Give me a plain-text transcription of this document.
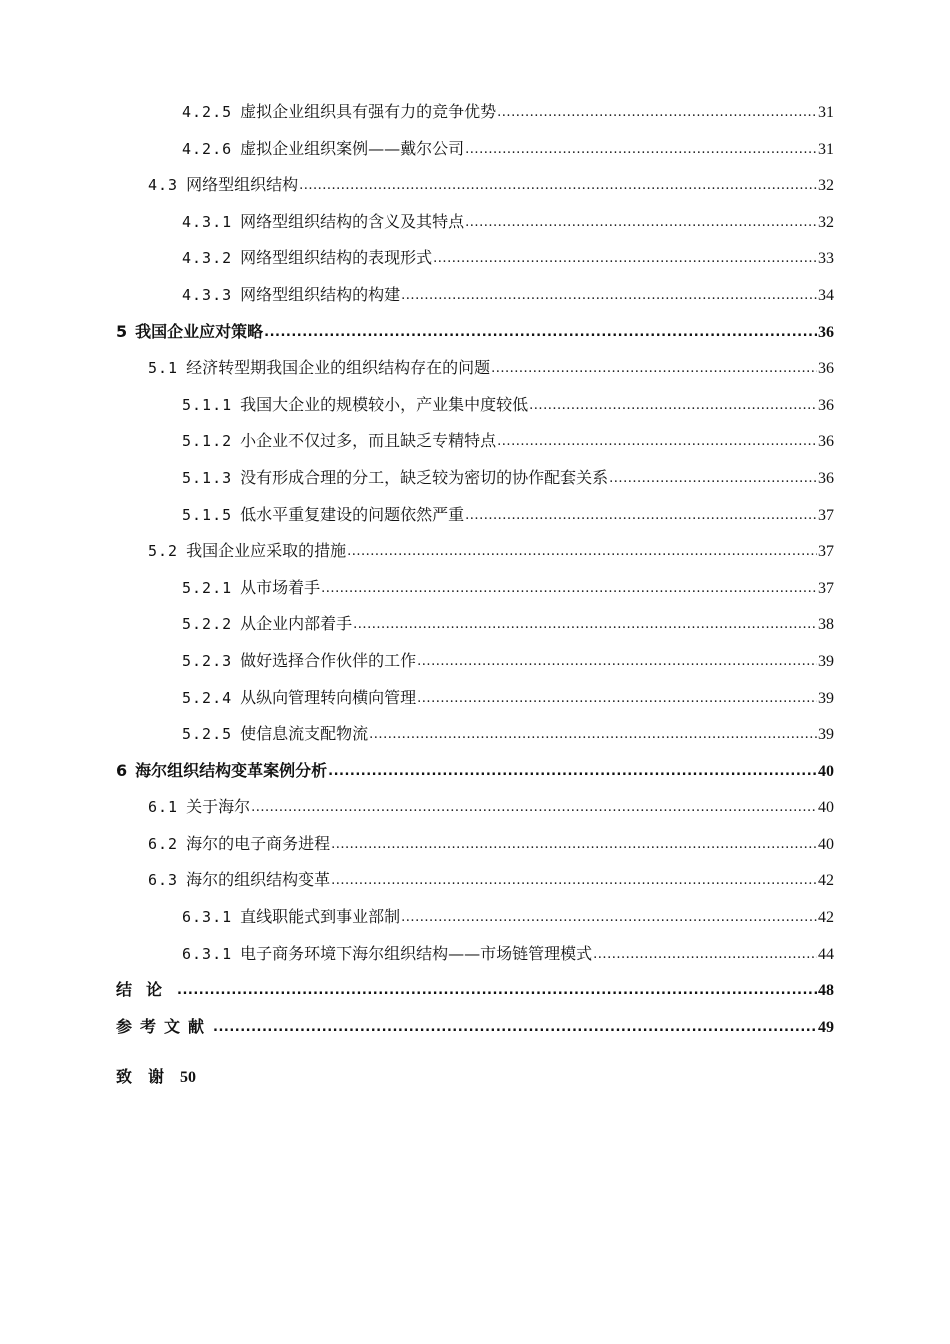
4.2.5 虚拟企业组织具有强有力的竞争优势 .....	31
4.2.6 虚拟企业组织案例——戴尔公司 .....	31
4.3 网络型组织结构 .....	32
4.3.1 网络型组织结构的含义及其特点 .....	32
4.3.2 网络型组织结构的表现形式 .....	33
4.3.3 网络型组织结构的构建 .....	34
5 我国企业应对策略 .....	36
5.1 经济转型期我国企业的组织结构存在的问题 .....	36
5.1.1 我国大企业的规模较小，产业集中度较低 .....	36
5.1.2 小企业不仅过多，而且缺乏专精特点 .....	36
5.1.3 没有形成合理的分工，缺乏较为密切的协作配套关系 .....	36
5.1.5 低水平重复建设的问题依然严重 .....	37
5.2 我国企业应采取的措施 .....	37
5.2.1 从市场着手 .....	37
5.2.2 从企业内部着手 .....	38
5.2.3 做好选择合作伙伴的工作 .....	39
5.2.4 从纵向管理转向横向管理 .....	39
5.2.5 使信息流支配物流 .....	39
6 海尔组织结构变革案例分析 .....	40
6.1 关于海尔 .....	40
6.2 海尔的电子商务进程 .....	40
6.3 海尔的组织结构变革 .....	42
6.3.1 直线职能式到事业部制 .....	42
6.3.1 电子商务环境下海尔组织结构——市场链管理模式 .....	44
结论 .....	48
参考文献 .....	49
致谢50
